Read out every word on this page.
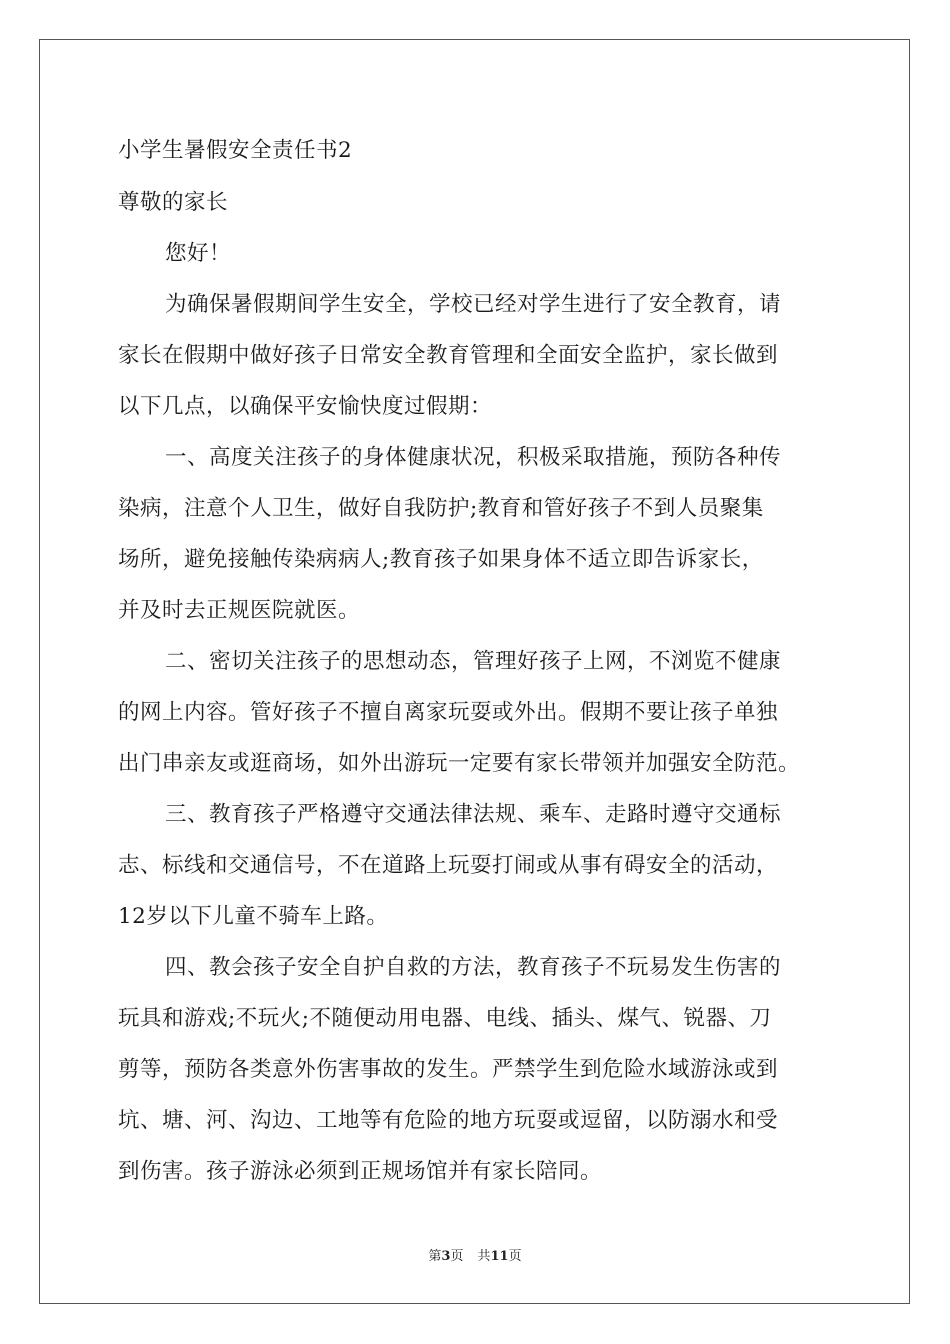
小学生暑假安全责任书2

尊敬的家长

您好！

为确保暑假期间学生安全，学校已经对学生进行了安全教育，请

家长在假期中做好孩子日常安全教育管理和全面安全监护，家长做到

以下几点，以确保平安愉快度过假期：

一、高度关注孩子的身体健康状况，积极采取措施，预防各种传

染病，注意个人卫生，做好自我防护;教育和管好孩子不到人员聚集

场所，避免接触传染病病人;教育孩子如果身体不适立即告诉家长，

并及时去正规医院就医。

二、密切关注孩子的思想动态，管理好孩子上网，不浏览不健康

的网上内容。管好孩子不擅自离家玩耍或外出。假期不要让孩子单独

出门串亲友或逛商场，如外出游玩一定要有家长带领并加强安全防范。

三、教育孩子严格遵守交通法律法规、乘车、走路时遵守交通标

志、标线和交通信号，不在道路上玩耍打闹或从事有碍安全的活动，

12岁以下儿童不骑车上路。

四、教会孩子安全自护自救的方法，教育孩子不玩易发生伤害的

玩具和游戏;不玩火;不随便动用电器、电线、插头、煤气、锐器、刀

剪等，预防各类意外伤害事故的发生。严禁学生到危险水域游泳或到

坑、塘、河、沟边、工地等有危险的地方玩耍或逗留，以防溺水和受

到伤害。孩子游泳必须到正规场馆并有家长陪同。

第3页 共11页
